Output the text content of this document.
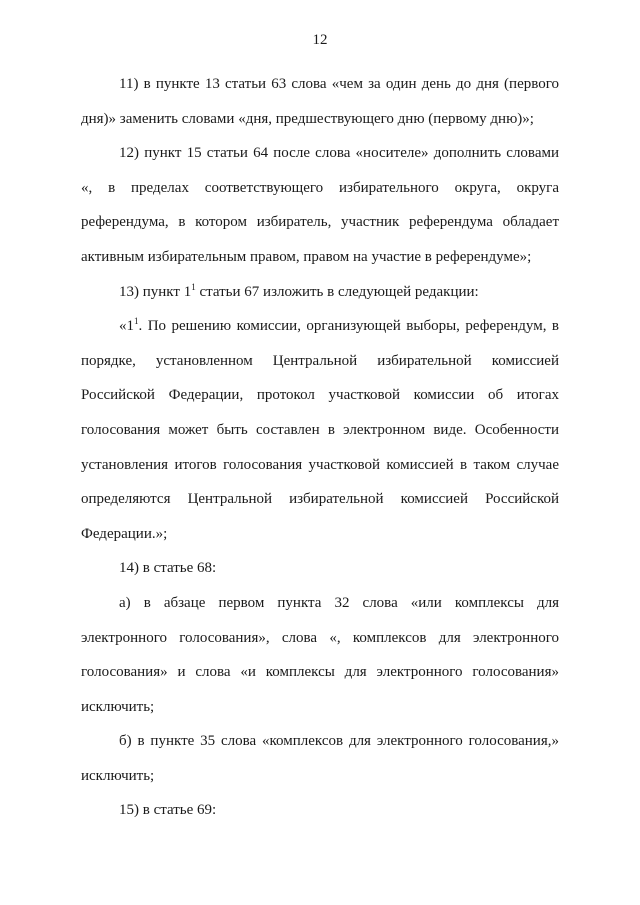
12

11) в пункте 13 статьи 63 слова «чем за один день до дня (первого дня)» заменить словами «дня, предшествующего дню (первому дню)»;

12) пункт 15 статьи 64 после слова «носителе» дополнить словами «, в пределах соответствующего избирательного округа, округа референдума, в котором избиратель, участник референдума обладает активным избирательным правом, правом на участие в референдуме»;

13) пункт $1^1$ статьи 67 изложить в следующей редакции:

«$1^1$. По решению комиссии, организующей выборы, референдум, в порядке, установленном Центральной избирательной комиссией Российской Федерации, протокол участковой комиссии об итогах голосования может быть составлен в электронном виде. Особенности установления итогов голосования участковой комиссией в таком случае определяются Центральной избирательной комиссией Российской Федерации.»;

14) в статье 68:

а) в абзаце первом пункта 32 слова «или комплексы для электронного голосования», слова «, комплексов для электронного голосования» и слова «и комплексы для электронного голосования» исключить;

б) в пункте 35 слова «комплексов для электронного голосования,» исключить;

15) в статье 69:
